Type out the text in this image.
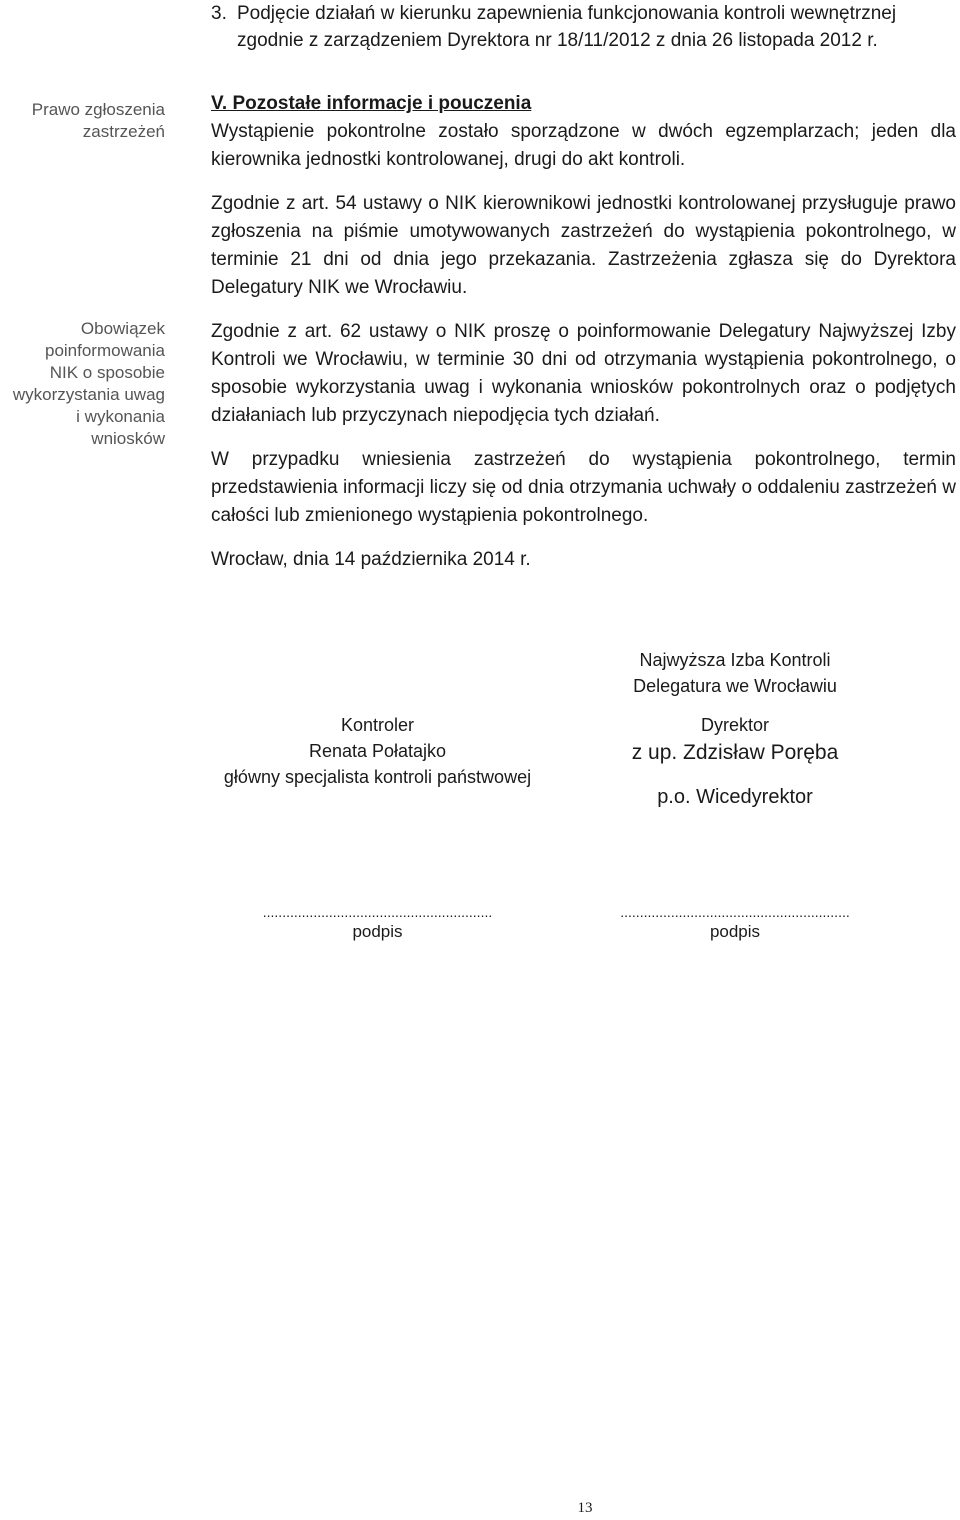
3. Podjęcie działań w kierunku zapewnienia funkcjonowania kontroli wewnętrznej zgodnie z zarządzeniem Dyrektora nr 18/11/2012 z dnia 26 listopada 2012 r.
Prawo zgłoszenia
zastrzeżeń
Obowiązek
poinformowania
NIK o sposobie
wykorzystania uwag
i wykonania
wniosków

V. Pozostałe informacje i pouczenia

Wystąpienie pokontrolne zostało sporządzone w dwóch egzemplarzach; jeden dla kierownika jednostki kontrolowanej, drugi do akt kontroli.

Zgodnie z art. 54 ustawy o NIK kierownikowi jednostki kontrolowanej przysługuje prawo zgłoszenia na piśmie umotywowanych zastrzeżeń do wystąpienia pokontrolnego, w terminie 21 dni od dnia jego przekazania. Zastrzeżenia zgłasza się do Dyrektora Delegatury NIK we Wrocławiu.

Zgodnie z art. 62 ustawy o NIK proszę o poinformowanie Delegatury Najwyższej Izby Kontroli we Wrocławiu, w terminie 30 dni od otrzymania wystąpienia pokontrolnego, o sposobie wykorzystania uwag i wykonania wniosków pokontrolnych oraz o podjętych działaniach lub przyczynach niepodjęcia tych działań.

W przypadku wniesienia zastrzeżeń do wystąpienia pokontrolnego, termin przedstawienia informacji liczy się od dnia otrzymania uchwały o oddaleniu zastrzeżeń w całości lub zmienionego wystąpienia pokontrolnego.

Wrocław, dnia 14 października 2014 r.

Najwyższa Izba Kontroli
Delegatura we Wrocławiu
Kontroler
Renata Połatajko
główny specjalista kontroli państwowej
Dyrektor
z up. Zdzisław Poręba
p.o. Wicedyrektor
...........................................................	...........................................................
podpis	podpis
13
